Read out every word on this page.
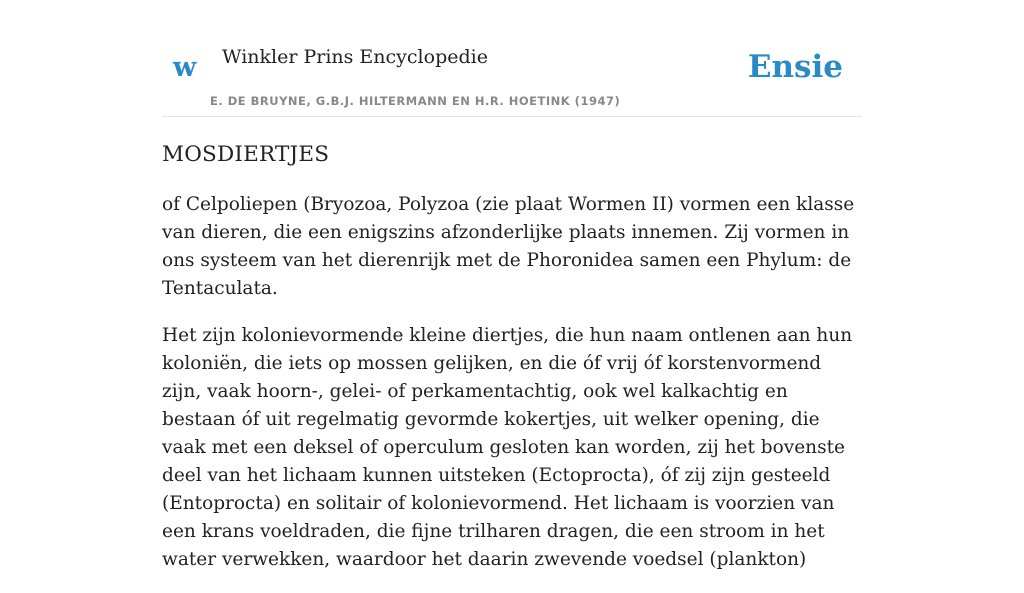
w Winkler Prins Encyclopedie
E. DE BRUYNE, G.B.J. HILTERMANN EN H.R. HOETINK (1947)
Ensie
MOSDIERTJES

of Celpoliepen (Bryozoa, Polyzoa (zie plaat Wormen II) vormen een klasse van dieren, die een enigszins afzonderlijke plaats innemen. Zij vormen in ons systeem van het dierenrijk met de Phoronidea samen een Phylum: de Tentaculata.

Het zijn kolonievormende kleine diertjes, die hun naam ontlenen aan hun koloniën, die iets op mossen gelijken, en die óf vrij óf korstenvormend zijn, vaak hoorn-, gelei- of perkamentachtig, ook wel kalkachtig en bestaan óf uit regelmatig gevormde kokertjes, uit welker opening, die vaak met een deksel of operculum gesloten kan worden, zij het bovenste deel van het lichaam kunnen uitsteken (Ectoprocta), óf zij zijn gesteeld (Entoprocta) en solitair of kolonievormend. Het lichaam is voorzien van een krans voeldraden, die fijne trilharen dragen, die een stroom in het water verwekken, waardoor het daarin zwevende voedsel (plankton)
